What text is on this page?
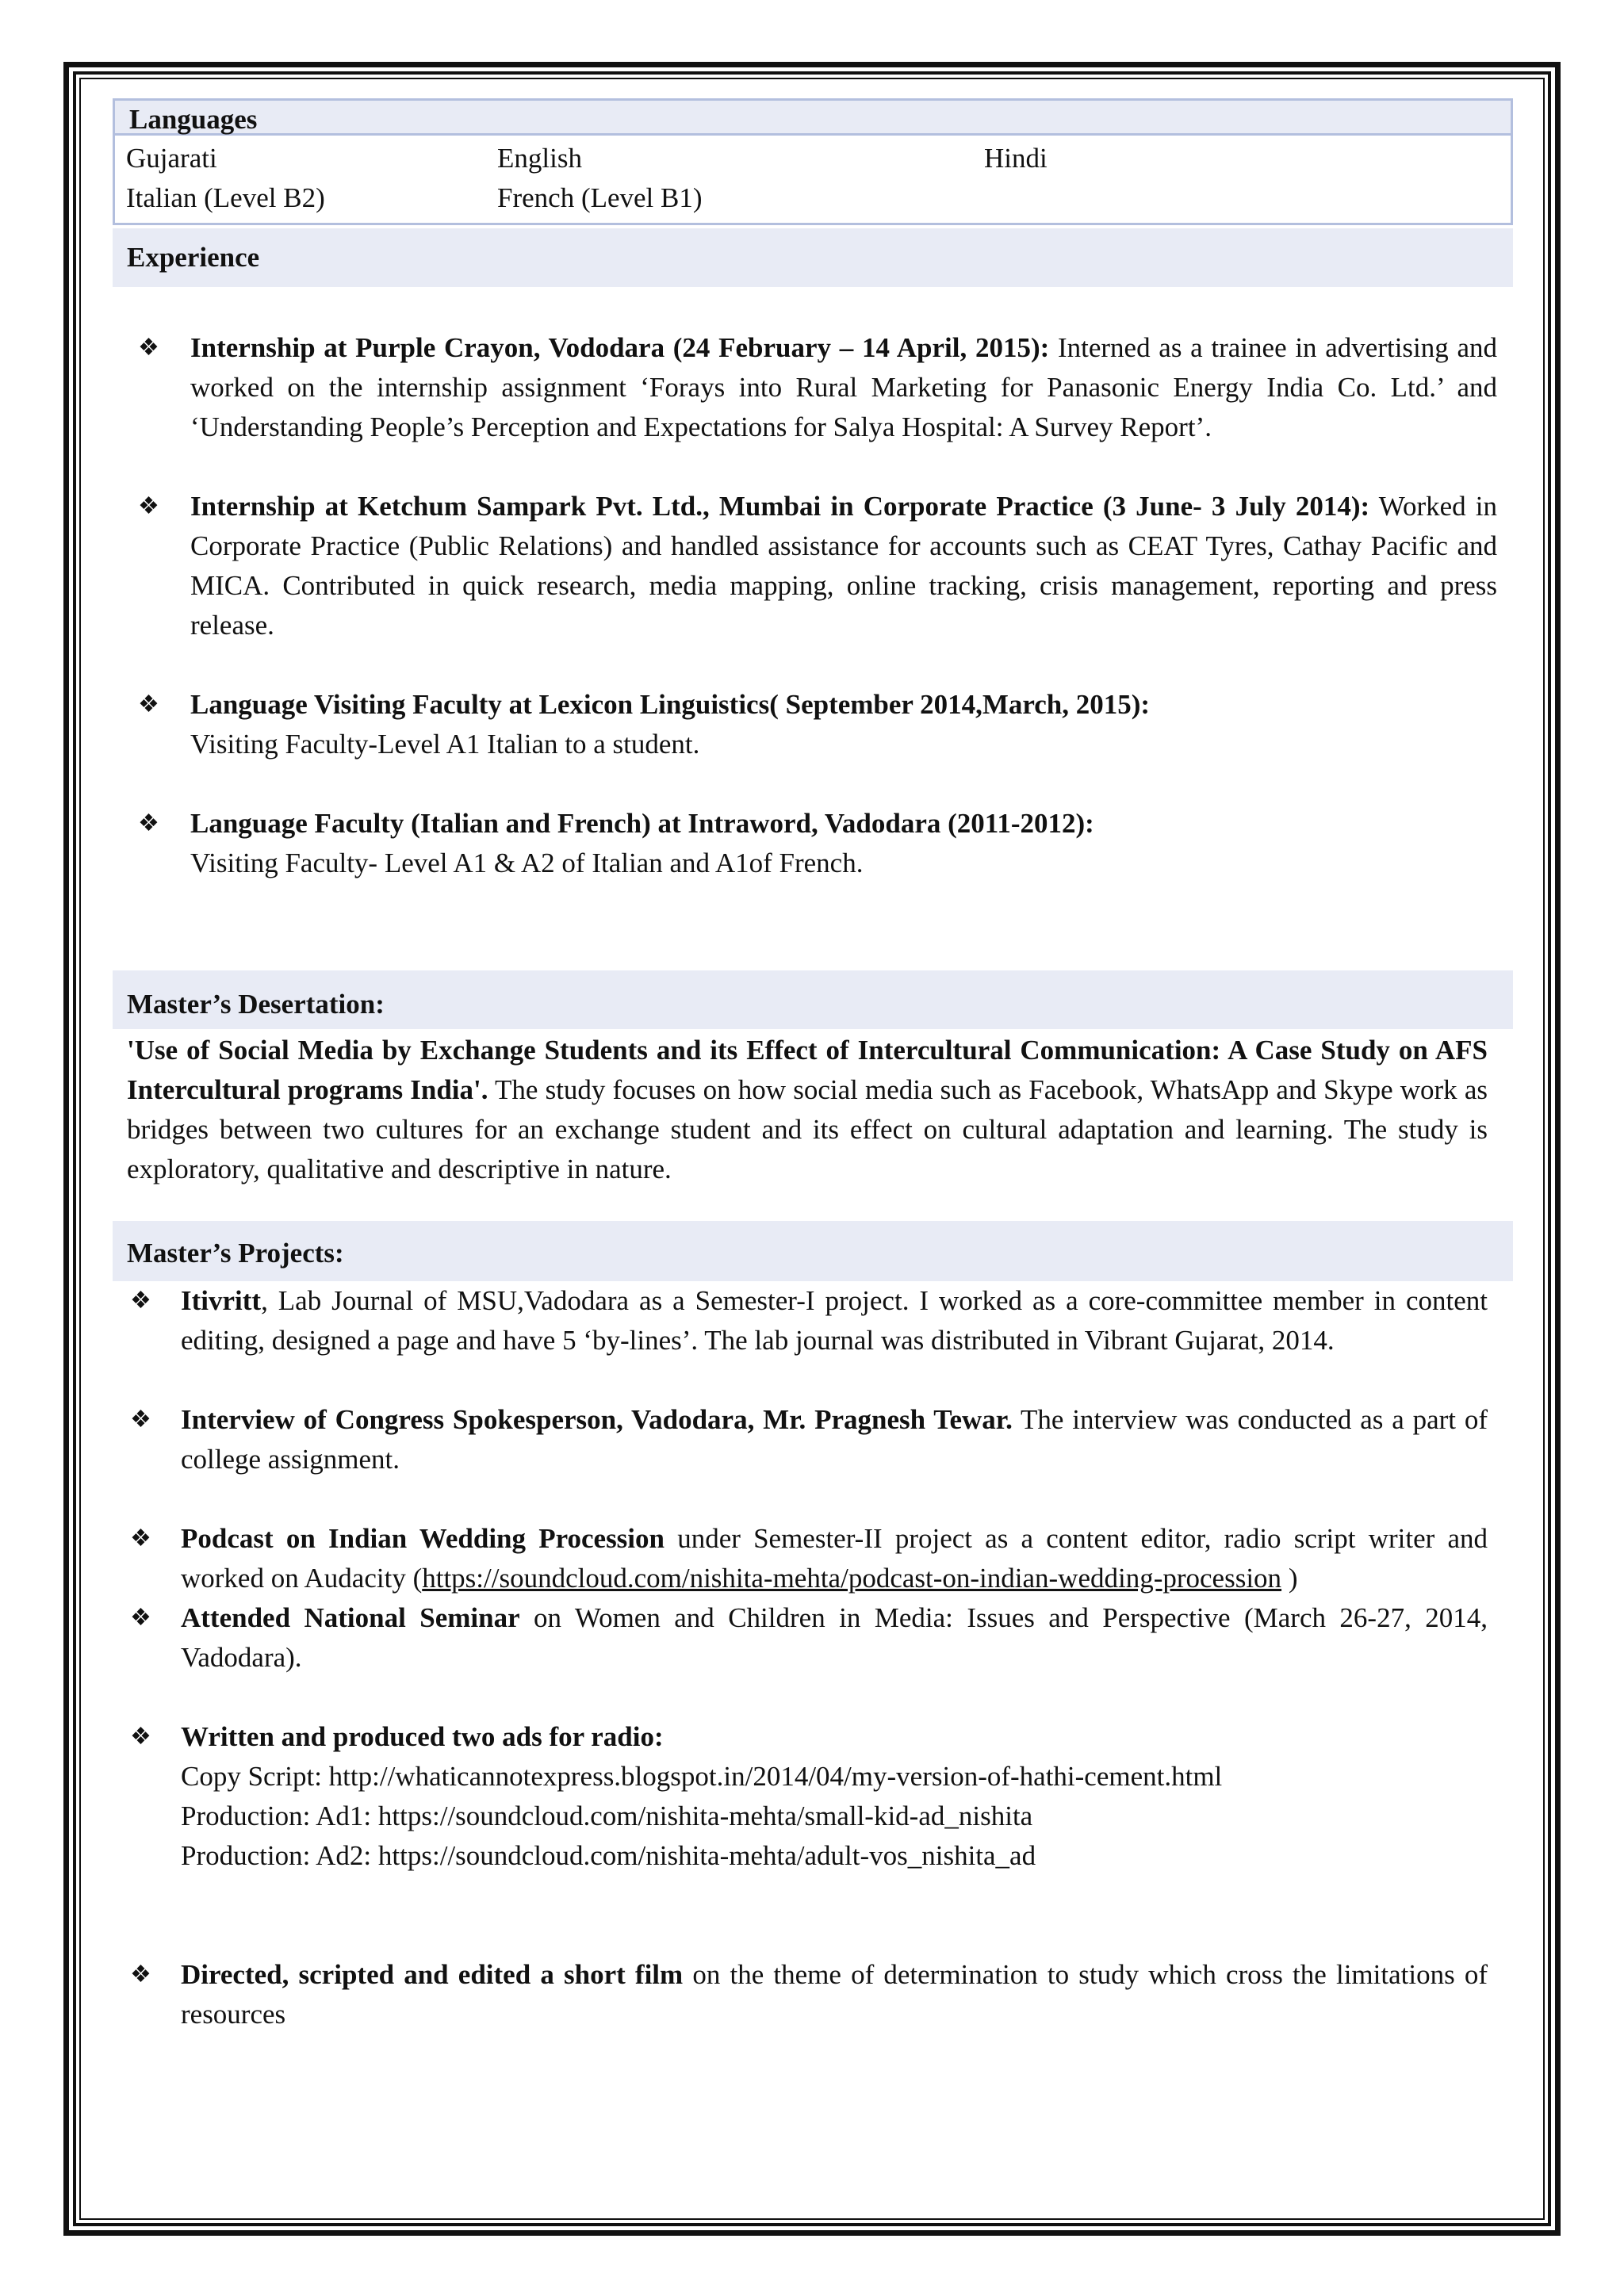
Languages
Gujarati	English	Hindi
Italian (Level B2)	French (Level B1)
Experience
❖ Internship at Purple Crayon, Vododara (24 February – 14 April, 2015): Interned as a trainee in advertising and worked on the internship assignment ‘Forays into Rural Marketing for Panasonic Energy India Co. Ltd.’ and ‘Understanding People’s Perception and Expectations for Salya Hospital: A Survey Report’.
❖ Internship at Ketchum Sampark Pvt. Ltd., Mumbai in Corporate Practice (3 June- 3 July 2014): Worked in Corporate Practice (Public Relations) and handled assistance for accounts such as CEAT Tyres, Cathay Pacific and MICA. Contributed in quick research, media mapping, online tracking, crisis management, reporting and press release.
❖ Language Visiting Faculty at Lexicon Linguistics( September 2014,March, 2015):
Visiting Faculty-Level A1 Italian to a student.
❖ Language Faculty (Italian and French) at Intraword, Vadodara (2011-2012):
Visiting Faculty- Level A1 & A2 of Italian and A1of French.
Master’s Desertation:
'Use of Social Media by Exchange Students and its Effect of Intercultural Communication: A Case Study on AFS Intercultural programs India'. The study focuses on how social media such as Facebook, WhatsApp and Skype work as bridges between two cultures for an exchange student and its effect on cultural adaptation and learning. The study is exploratory, qualitative and descriptive in nature.
Master’s Projects:
❖ Itivritt, Lab Journal of MSU,Vadodara as a Semester-I project. I worked as a core-committee member in content editing, designed a page and have 5 ‘by-lines’. The lab journal was distributed in Vibrant Gujarat, 2014.
❖ Interview of Congress Spokesperson, Vadodara, Mr. Pragnesh Tewar. The interview was conducted as a part of college assignment.
❖ Podcast on Indian Wedding Procession under Semester-II project as a content editor, radio script writer and worked on Audacity (https://soundcloud.com/nishita-mehta/podcast-on-indian-wedding-procession )
❖ Attended National Seminar on Women and Children in Media: Issues and Perspective (March 26-27, 2014, Vadodara).
❖ Written and produced two ads for radio:
Copy Script: http://whaticannotexpress.blogspot.in/2014/04/my-version-of-hathi-cement.html
Production: Ad1: https://soundcloud.com/nishita-mehta/small-kid-ad_nishita
Production: Ad2: https://soundcloud.com/nishita-mehta/adult-vos_nishita_ad
❖ Directed, scripted and edited a short film on the theme of determination to study which cross the limitations of resources
